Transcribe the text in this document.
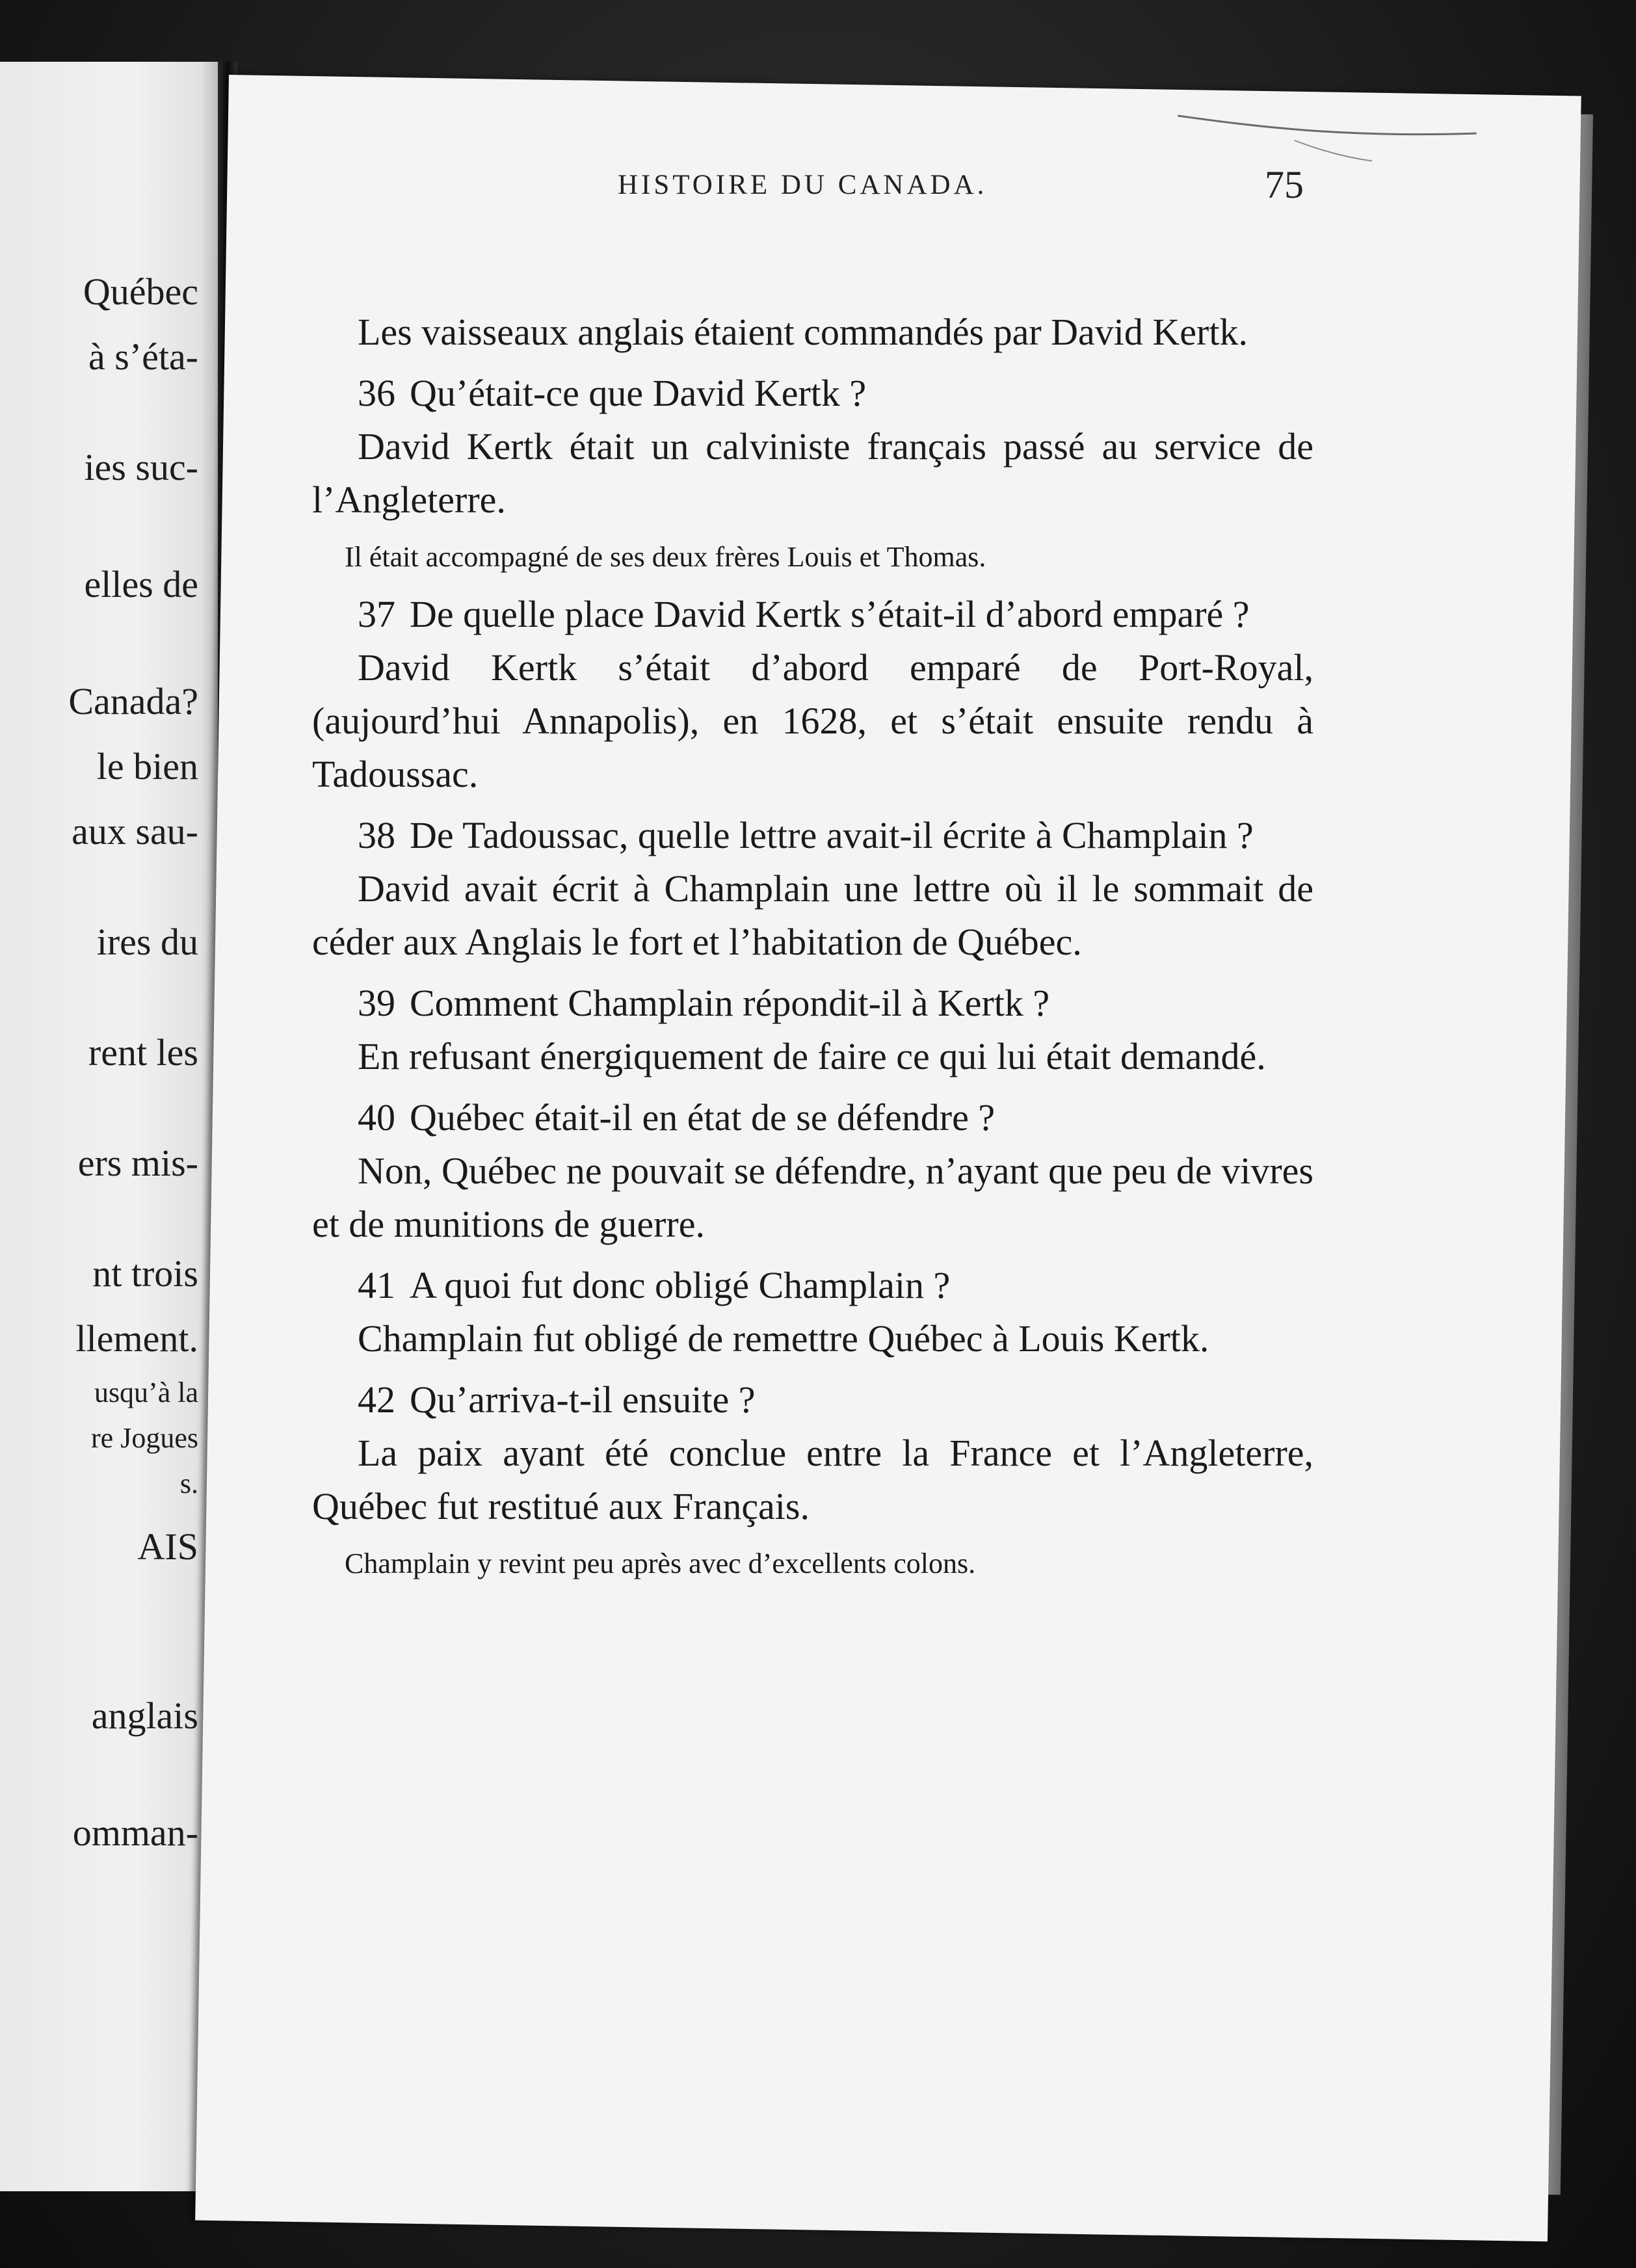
Québec
à s’éta-
ies suc-
elles de
Canada?
le bien
aux sau-
ires du
rent les
ers mis-
nt trois
llement.
usqu’à la
re Jogues
s.
AIS
anglais
omman-
HISTOIRE DU CANADA.	75

Les vaisseaux anglais étaient commandés par David Kertk.

36 Qu’était-ce que David Kertk ?

David Kertk était un calviniste français passé au service de l’Angleterre.

Il était accompagné de ses deux frères Louis et Thomas.

37 De quelle place David Kertk s’était-il d’abord emparé ?

David Kertk s’était d’abord emparé de Port-Royal, (aujourd’hui Annapolis), en 1628, et s’était ensuite rendu à Tadoussac.

38 De Tadoussac, quelle lettre avait-il écrite à Champlain ?

David avait écrit à Champlain une lettre où il le sommait de céder aux Anglais le fort et l’habitation de Québec.

39 Comment Champlain répondit-il à Kertk ?

En refusant énergiquement de faire ce qui lui était demandé.

40 Québec était-il en état de se défendre ?

Non, Québec ne pouvait se défendre, n’ayant que peu de vivres et de munitions de guerre.

41 A quoi fut donc obligé Champlain ?

Champlain fut obligé de remettre Québec à Louis Kertk.

42 Qu’arriva-t-il ensuite ?

La paix ayant été conclue entre la France et l’Angleterre, Québec fut restitué aux Français.

Champlain y revint peu après avec d’excellents colons.
